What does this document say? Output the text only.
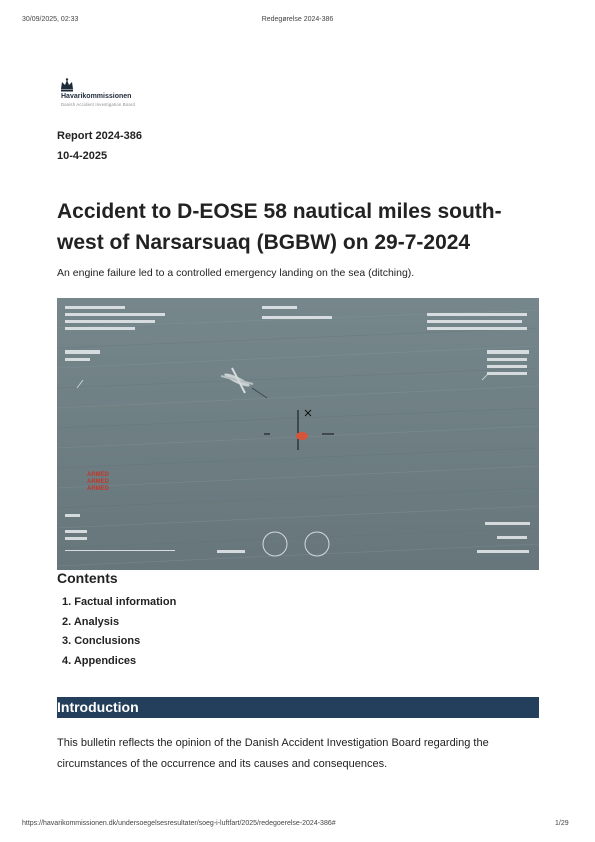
30/09/2025, 02:33	Redegørelse 2024-386
Havarikommissionen
Danish Accident Investigation Board
Report 2024-386
10-4-2025
Accident to D-EOSE 58 nautical miles south-west of Narsarsuaq (BGBW) on 29-7-2024
An engine failure led to a controlled emergency landing on the sea (ditching).
ARMED
ARMED
ARMED
Contents
1. Factual information
2. Analysis
3. Conclusions
4. Appendices
Introduction
This bulletin reflects the opinion of the Danish Accident Investigation Board regarding the circumstances of the occurrence and its causes and consequences.
https://havarikommissionen.dk/undersoegelsesresultater/soeg-i-luftfart/2025/redegoerelse-2024-386#	1/29
